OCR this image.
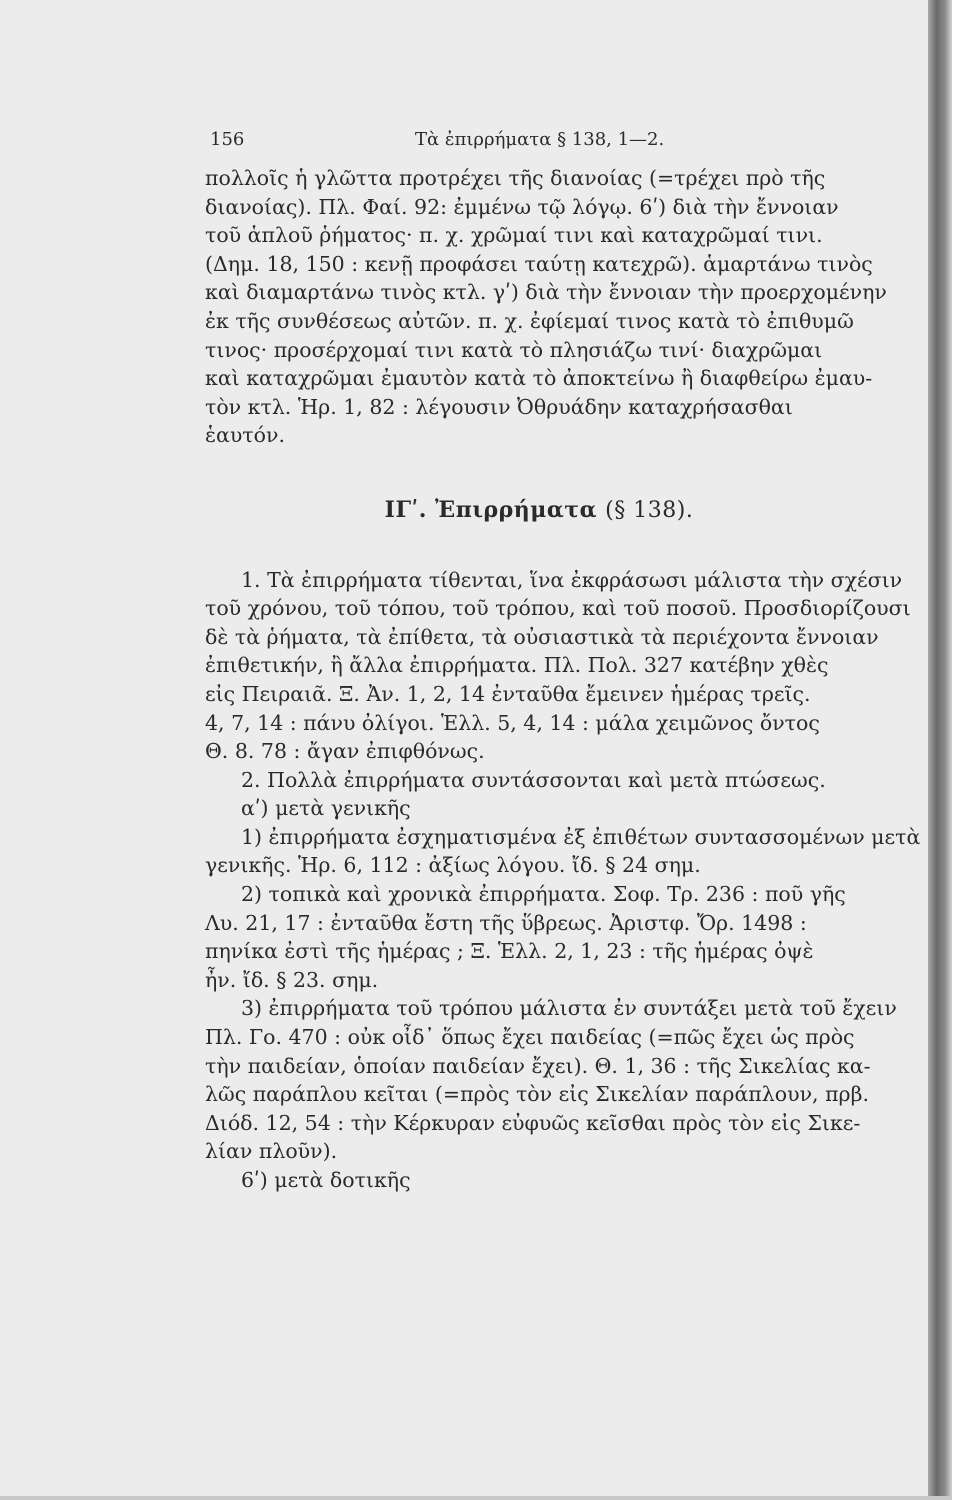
156	Τὰ ἐπιρρήματα § 138, 1—2.

πολλοῖς ἡ γλῶττα προτρέχει τῆς διανοίας (=τρέχει πρὸ τῆς

διανοίας). Πλ. Φαί. 92: ἐμμένω τῷ λόγῳ. 6ʹ) διὰ τὴν ἔννοιαν

τοῦ ἁπλοῦ ῥήματος· π. χ. χρῶμαί τινι καὶ καταχρῶμαί τινι.

(Δημ. 18, 150 : κενῇ προφάσει ταύτῃ κατεχρῶ). ἁμαρτάνω τινὸς

καὶ διαμαρτάνω τινὸς κτλ. γʹ) διὰ τὴν ἔννοιαν τὴν προερχομένην

ἐκ τῆς συνθέσεως αὐτῶν. π. χ. ἐφίεμαί τινος κατὰ τὸ ἐπιθυμῶ

τινος· προσέρχομαί τινι κατὰ τὸ πλησιάζω τινί· διαχρῶμαι

καὶ καταχρῶμαι ἐμαυτὸν κατὰ τὸ ἀποκτείνω ἢ διαφθείρω ἐμαυ-

τὸν κτλ. Ἡρ. 1, 82 : λέγουσιν Ὀθρυάδην καταχρήσασθαι

ἑαυτόν.

ΙΓʹ. Ἐπιρρήματα (§ 138).

1. Τὰ ἐπιρρήματα τίθενται, ἵνα ἐκφράσωσι μάλιστα τὴν σχέσιν

τοῦ χρόνου, τοῦ τόπου, τοῦ τρόπου, καὶ τοῦ ποσοῦ. Προσδιορίζουσι

δὲ τὰ ῥήματα, τὰ ἐπίθετα, τὰ οὐσιαστικὰ τὰ περιέχοντα ἔννοιαν

ἐπιθετικήν, ἢ ἄλλα ἐπιρρήματα. Πλ. Πολ. 327 κατέβην χθὲς

εἰς Πειραιᾶ. Ξ. Ἀν. 1, 2, 14 ἐνταῦθα ἔμεινεν ἡμέρας τρεῖς.

4, 7, 14 : πάνυ ὀλίγοι. Ἑλλ. 5, 4, 14 : μάλα χειμῶνος ὄντος

Θ. 8. 78 : ἄγαν ἐπιφθόνως.

2. Πολλὰ ἐπιρρήματα συντάσσονται καὶ μετὰ πτώσεως.

αʹ) μετὰ γενικῆς

1) ἐπιρρήματα ἐσχηματισμένα ἐξ ἐπιθέτων συντασσομένων μετὰ

γενικῆς. Ἡρ. 6, 112 : ἀξίως λόγου. ἴδ. § 24 σημ.

2) τοπικὰ καὶ χρονικὰ ἐπιρρήματα. Σοφ. Τρ. 236 : ποῦ γῆς

Λυ. 21, 17 : ἐνταῦθα ἔστη τῆς ὕβρεως. Ἀριστφ. Ὄρ. 1498 :

πηνίκα ἐστὶ τῆς ἡμέρας ; Ξ. Ἑλλ. 2, 1, 23 : τῆς ἡμέρας ὀψὲ

ἦν. ἴδ. § 23. σημ.

3) ἐπιρρήματα τοῦ τρόπου μάλιστα ἐν συντάξει μετὰ τοῦ ἔχειν

Πλ. Γο. 470 : οὐκ οἶδ᾽ ὅπως ἔχει παιδείας (=πῶς ἔχει ὡς πρὸς

τὴν παιδείαν, ὁποίαν παιδείαν ἔχει). Θ. 1, 36 : τῆς Σικελίας κα-

λῶς παράπλου κεῖται (=πρὸς τὸν εἰς Σικελίαν παράπλουν, πρβ.

Διόδ. 12, 54 : τὴν Κέρκυραν εὐφυῶς κεῖσθαι πρὸς τὸν εἰς Σικε-

λίαν πλοῦν).

6ʹ) μετὰ δοτικῆς
